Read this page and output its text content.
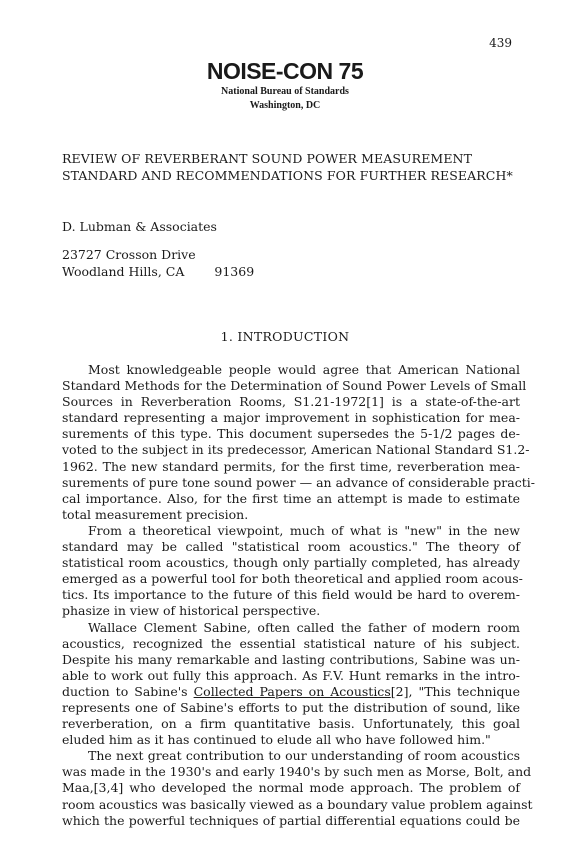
439
NOISE-CON 75
National Bureau of Standards
Washington, DC
REVIEW OF REVERBERANT SOUND POWER MEASUREMENT
STANDARD AND RECOMMENDATIONS FOR FURTHER RESEARCH*
D. Lubman & Associates
23727 Crosson Drive
Woodland Hills, CA 91369
1. INTRODUCTION
Most knowledgeable people would agree that American National
Standard Methods for the Determination of Sound Power Levels of Small
Sources in Reverberation Rooms, S1.21-1972[1] is a state-of-the-art
standard representing a major improvement in sophistication for mea-
surements of this type. This document supersedes the 5-1/2 pages de-
voted to the subject in its predecessor, American National Standard S1.2-
1962. The new standard permits, for the first time, reverberation mea-
surements of pure tone sound power — an advance of considerable practi-
cal importance. Also, for the first time an attempt is made to estimate
total measurement precision.
From a theoretical viewpoint, much of what is "new" in the new
standard may be called "statistical room acoustics." The theory of
statistical room acoustics, though only partially completed, has already
emerged as a powerful tool for both theoretical and applied room acous-
tics. Its importance to the future of this field would be hard to overem-
phasize in view of historical perspective.
Wallace Clement Sabine, often called the father of modern room
acoustics, recognized the essential statistical nature of his subject.
Despite his many remarkable and lasting contributions, Sabine was un-
able to work out fully this approach. As F.V. Hunt remarks in the intro-
duction to Sabine's Collected Papers on Acoustics[2], "This technique
represents one of Sabine's efforts to put the distribution of sound, like
reverberation, on a firm quantitative basis. Unfortunately, this goal
eluded him as it has continued to elude all who have followed him."
The next great contribution to our understanding of room acoustics
was made in the 1930's and early 1940's by such men as Morse, Bolt, and
Maa,[3,4] who developed the normal mode approach. The problem of
room acoustics was basically viewed as a boundary value problem against
which the powerful techniques of partial differential equations could be
